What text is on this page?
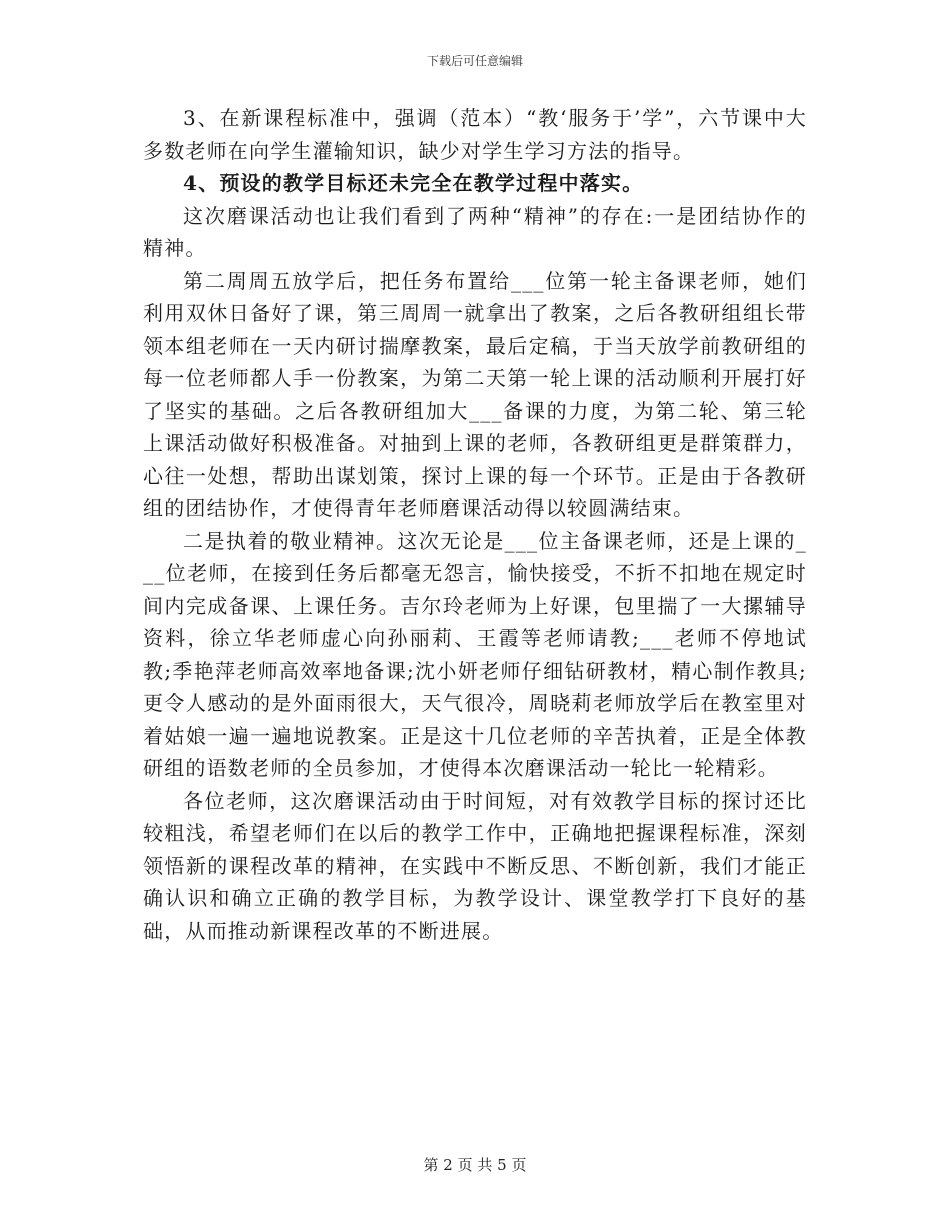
下载后可任意编辑

3、在新课程标准中，强调（范本）“教‘服务于’学”，六节课中大多数老师在向学生灌输知识，缺少对学生学习方法的指导。

4、预设的教学目标还未完全在教学过程中落实。

这次磨课活动也让我们看到了两种“精神”的存在:一是团结协作的精神。

第二周周五放学后，把任务布置给___位第一轮主备课老师，她们利用双休日备好了课，第三周周一就拿出了教案，之后各教研组组长带领本组老师在一天内研讨揣摩教案，最后定稿，于当天放学前教研组的每一位老师都人手一份教案，为第二天第一轮上课的活动顺利开展打好了坚实的基础。之后各教研组加大___备课的力度，为第二轮、第三轮上课活动做好积极准备。对抽到上课的老师，各教研组更是群策群力，心往一处想，帮助出谋划策，探讨上课的每一个环节。正是由于各教研组的团结协作，才使得青年老师磨课活动得以较圆满结束。

二是执着的敬业精神。这次无论是___位主备课老师，还是上课的___位老师，在接到任务后都毫无怨言，愉快接受，不折不扣地在规定时间内完成备课、上课任务。吉尔玲老师为上好课，包里揣了一大摞辅导资料，徐立华老师虚心向孙丽莉、王霞等老师请教;___老师不停地试教;季艳萍老师高效率地备课;沈小妍老师仔细钻研教材，精心制作教具;更令人感动的是外面雨很大，天气很冷，周晓莉老师放学后在教室里对着姑娘一遍一遍地说教案。正是这十几位老师的辛苦执着，正是全体教研组的语数老师的全员参加，才使得本次磨课活动一轮比一轮精彩。

各位老师，这次磨课活动由于时间短，对有效教学目标的探讨还比较粗浅，希望老师们在以后的教学工作中，正确地把握课程标准，深刻领悟新的课程改革的精神，在实践中不断反思、不断创新，我们才能正确认识和确立正确的教学目标，为教学设计、课堂教学打下良好的基础，从而推动新课程改革的不断进展。

第 2 页 共 5 页
